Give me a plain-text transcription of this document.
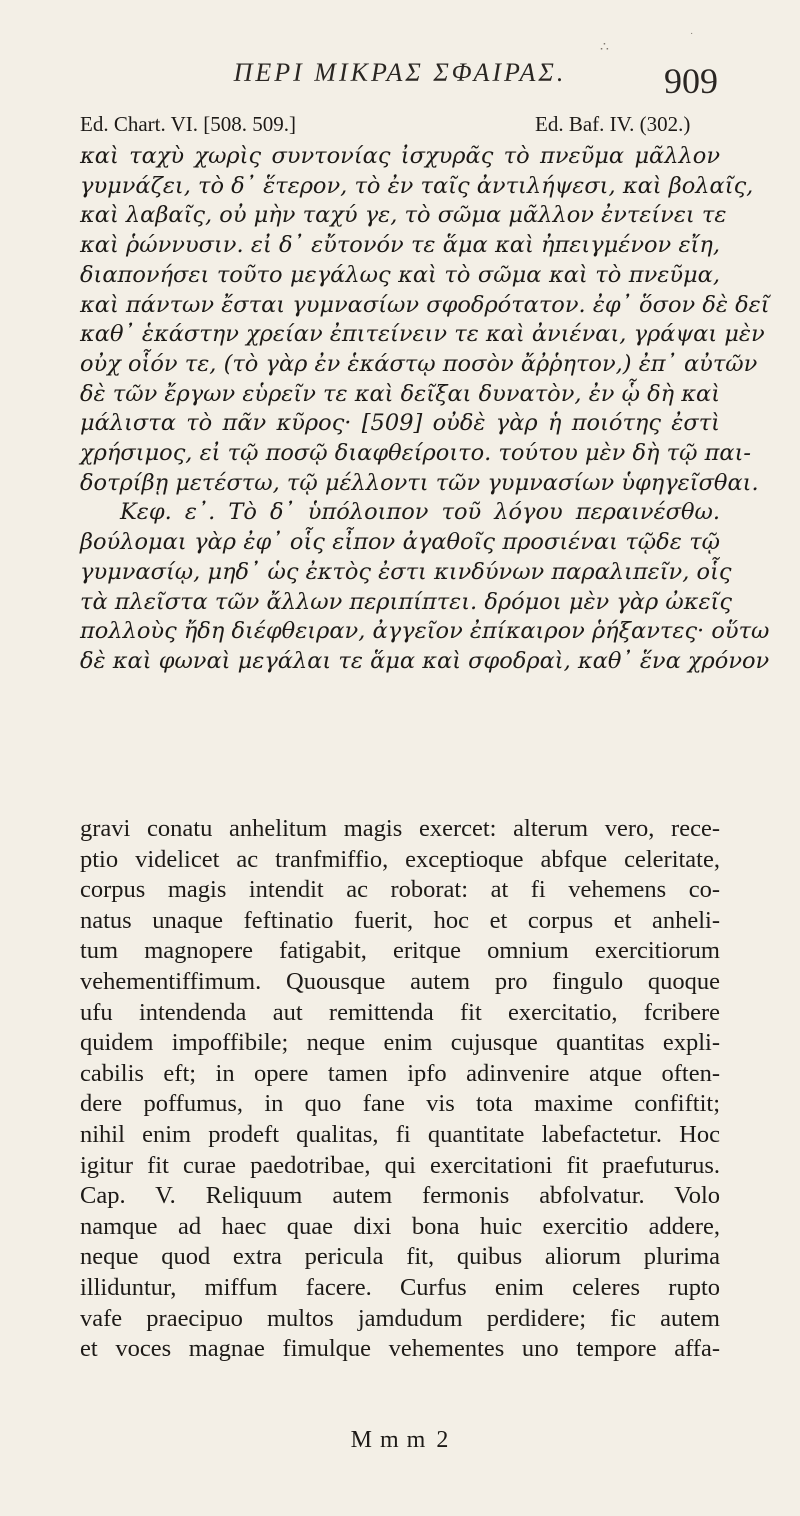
ΠΕΡΙ ΜΙΚΡΑΣ ΣΦΑΙΡΑΣ.	909
Ed. Chart. VI. [508. 509.]	Ed. Baf. IV. (302.)
καὶ ταχὺ χωρὶς συντονίας ἰσχυρᾶς τὸ πνεῦμα μᾶλλον
γυμνάζει, τὸ δ᾿ ἕτερον, τὸ ἐν ταῖς ἀντιλήψεσι, καὶ βολαῖς,
καὶ λαβαῖς, οὐ μὴν ταχύ γε, τὸ σῶμα μᾶλλον ἐντείνει τε
καὶ ῥώννυσιν. εἰ δ᾿ εὔτονόν τε ἅμα καὶ ἠπειγμένον εἴη,
διαπονήσει τοῦτο μεγάλως καὶ τὸ σῶμα καὶ τὸ πνεῦμα,
καὶ πάντων ἔσται γυμνασίων σφοδρότατον. ἐφ᾿ ὅσον δὲ δεῖ
καθ᾿ ἑκάστην χρείαν ἐπιτείνειν τε καὶ ἀνιέναι, γράψαι μὲν
οὐχ οἷόν τε, (τὸ γὰρ ἐν ἑκάστῳ ποσὸν ἄῤῥητον,) ἐπ᾿ αὐτῶν
δὲ τῶν ἔργων εὑρεῖν τε καὶ δεῖξαι δυνατὸν, ἐν ᾧ δὴ καὶ
μάλιστα τὸ πᾶν κῦρος· [509] οὐδὲ γὰρ ἡ ποιότης ἐστὶ
χρήσιμος, εἰ τῷ ποσῷ διαφθείροιτο. τούτου μὲν δὴ τῷ παι-
δοτρίβῃ μετέστω, τῷ μέλλοντι τῶν γυμνασίων ὑφηγεῖσθαι.
Κεφ. ε᾿. Τὸ δ᾿ ὑπόλοιπον τοῦ λόγου περαινέσθω.
βούλομαι γὰρ ἐφ᾿ οἷς εἶπον ἀγαθοῖς προσιέναι τῷδε τῷ
γυμνασίῳ, μηδ᾿ ὡς ἐκτὸς ἐστι κινδύνων παραλιπεῖν, οἷς
τὰ πλεῖστα τῶν ἄλλων περιπίπτει. δρόμοι μὲν γὰρ ὠκεῖς
πολλοὺς ἤδη διέφθειραν, ἀγγεῖον ἐπίκαιρον ῥήξαντες· οὕτω
δὲ καὶ φωναὶ μεγάλαι τε ἅμα καὶ σφοδραὶ, καθ᾿ ἕνα χρόνον
gravi conatu anhelitum magis exercet: alterum vero, rece-
ptio videlicet ac tranfmiffio, exceptioque abfque celeritate,
corpus magis intendit ac roborat: at fi vehemens co-
natus unaque feftinatio fuerit, hoc et corpus et anheli-
tum magnopere fatigabit, eritque omnium exercitiorum
vehementiffimum. Quousque autem pro fingulo quoque
ufu intendenda aut remittenda fit exercitatio, fcribere
quidem impoffibile; neque enim cujusque quantitas expli-
cabilis eft; in opere tamen ipfo adinvenire atque often-
dere poffumus, in quo fane vis tota maxime confiftit;
nihil enim prodeft qualitas, fi quantitate labefactetur. Hoc
igitur fit curae paedotribae, qui exercitationi fit praefuturus.
Cap. V. Reliquum autem fermonis abfolvatur. Volo
namque ad haec quae dixi bona huic exercitio addere,
neque quod extra pericula fit, quibus aliorum plurima
illiduntur, miffum facere. Curfus enim celeres rupto
vafe praecipuo multos jamdudum perdidere; fic autem
et voces magnae fimulque vehementes uno tempore affa-
M m m 2
∴
·
